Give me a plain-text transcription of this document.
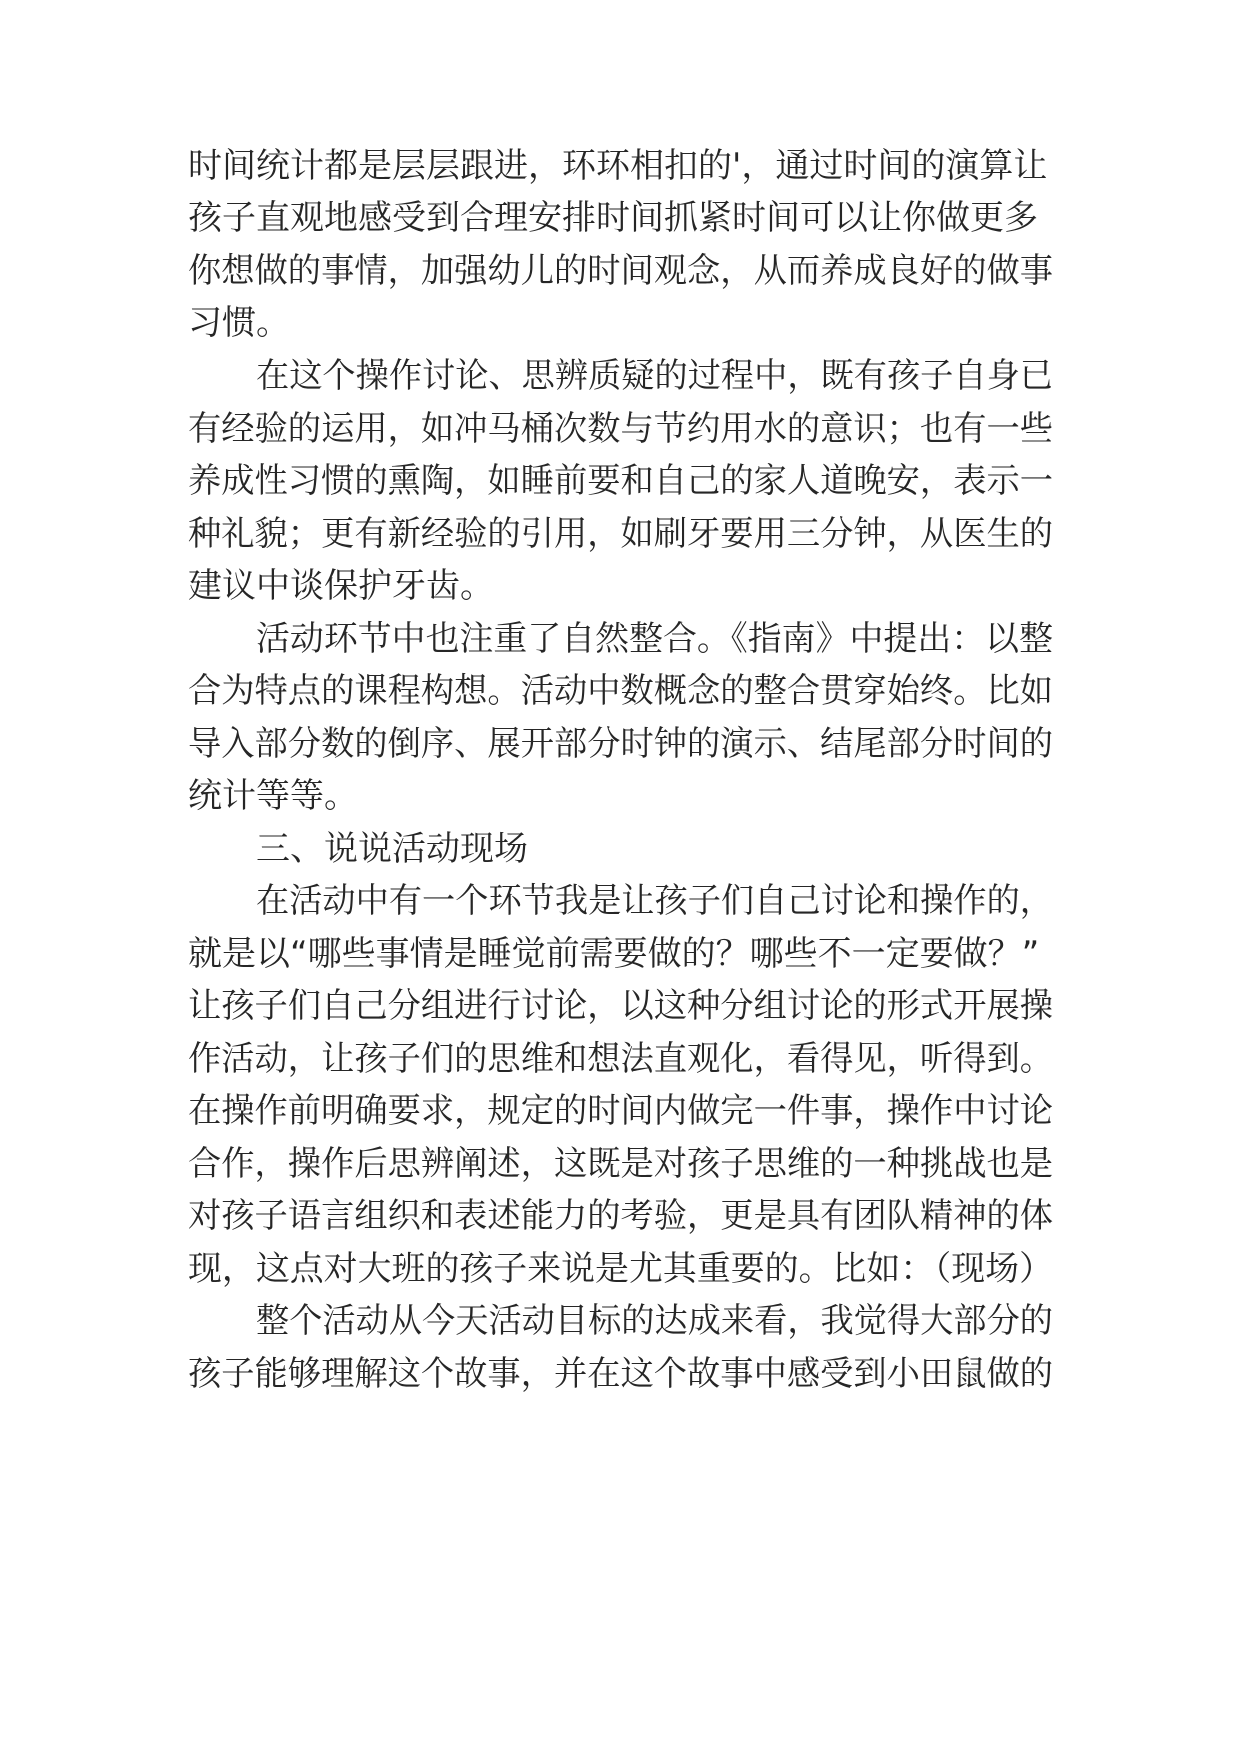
时间统计都是层层跟进，环环相扣的'，通过时间的演算让

孩子直观地感受到合理安排时间抓紧时间可以让你做更多

你想做的事情，加强幼儿的时间观念，从而养成良好的做事

习惯。

在这个操作讨论、思辨质疑的过程中，既有孩子自身已

有经验的运用，如冲马桶次数与节约用水的意识；也有一些

养成性习惯的熏陶，如睡前要和自己的家人道晚安，表示一

种礼貌；更有新经验的引用，如刷牙要用三分钟，从医生的

建议中谈保护牙齿。

活动环节中也注重了自然整合。《指南》中提出：以整

合为特点的课程构想。活动中数概念的整合贯穿始终。比如

导入部分数的倒序、展开部分时钟的演示、结尾部分时间的

统计等等。

三、说说活动现场

在活动中有一个环节我是让孩子们自己讨论和操作的，

就是以“哪些事情是睡觉前需要做的？哪些不一定要做？”

让孩子们自己分组进行讨论，以这种分组讨论的形式开展操

作活动，让孩子们的思维和想法直观化，看得见，听得到。

在操作前明确要求，规定的时间内做完一件事，操作中讨论

合作，操作后思辨阐述，这既是对孩子思维的一种挑战也是

对孩子语言组织和表述能力的考验，更是具有团队精神的体

现，这点对大班的孩子来说是尤其重要的。比如：（现场）

整个活动从今天活动目标的达成来看，我觉得大部分的

孩子能够理解这个故事，并在这个故事中感受到小田鼠做的
